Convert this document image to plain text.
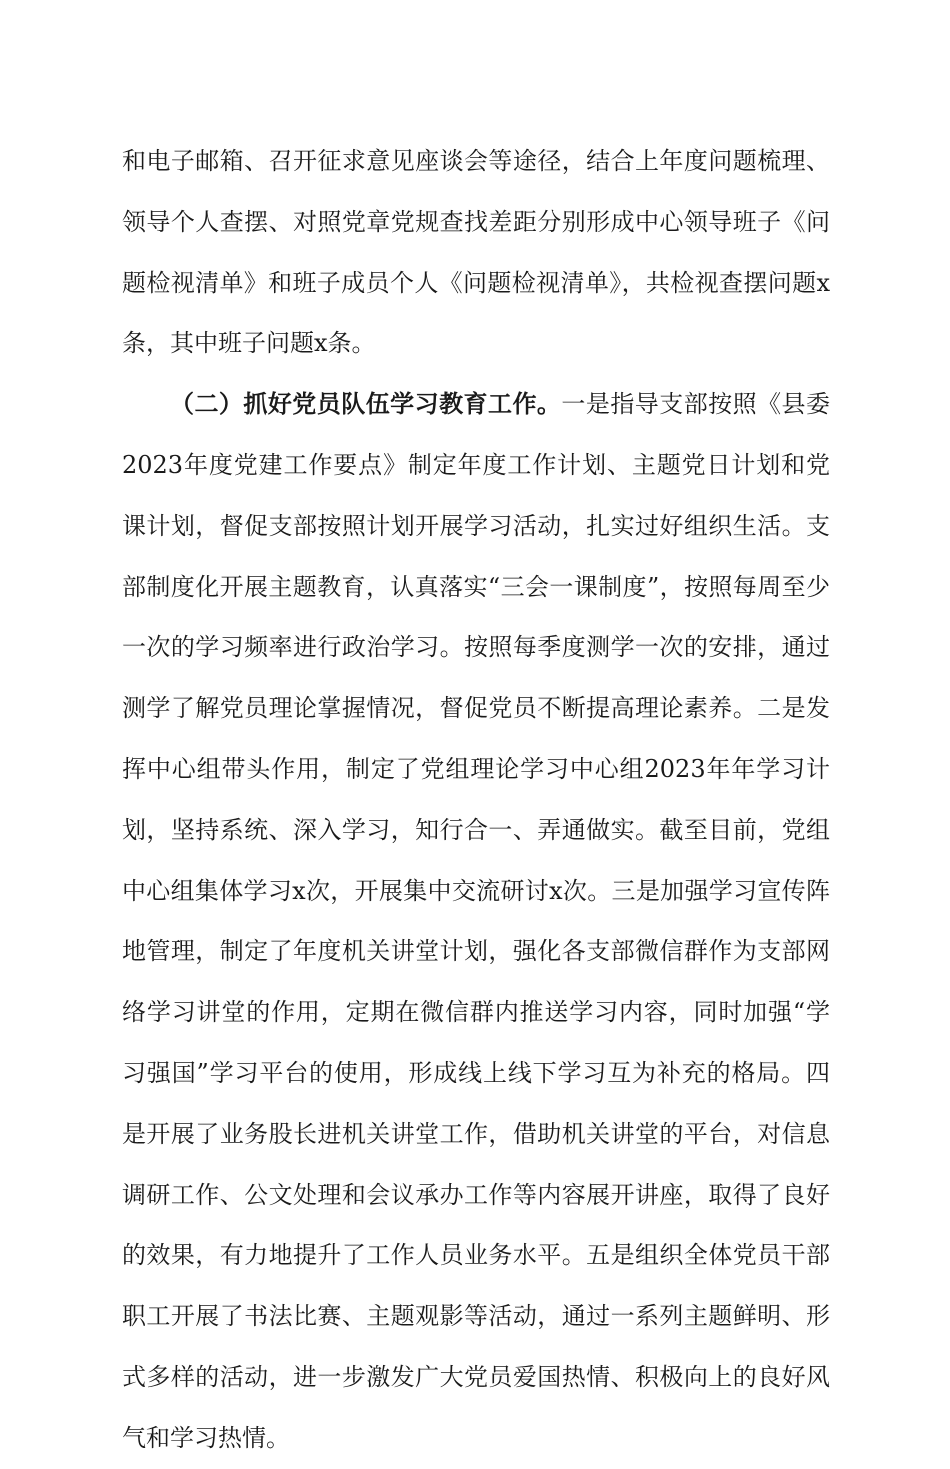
和电子邮箱、召开征求意见座谈会等途径，结合上年度问题梳理、领导个人查摆、对照党章党规查找差距分别形成中心领导班子《问题检视清单》和班子成员个人《问题检视清单》，共检视查摆问题x条，其中班子问题x条。

（二）抓好党员队伍学习教育工作。一是指导支部按照《县委2023年度党建工作要点》制定年度工作计划、主题党日计划和党课计划，督促支部按照计划开展学习活动，扎实过好组织生活。支部制度化开展主题教育，认真落实“三会一课制度”，按照每周至少一次的学习频率进行政治学习。按照每季度测学一次的安排，通过测学了解党员理论掌握情况，督促党员不断提高理论素养。二是发挥中心组带头作用，制定了党组理论学习中心组2023年年学习计划，坚持系统、深入学习，知行合一、弄通做实。截至目前，党组中心组集体学习x次，开展集中交流研讨x次。三是加强学习宣传阵地管理，制定了年度机关讲堂计划，强化各支部微信群作为支部网络学习讲堂的作用，定期在微信群内推送学习内容，同时加强“学习强国”学习平台的使用，形成线上线下学习互为补充的格局。四是开展了业务股长进机关讲堂工作，借助机关讲堂的平台，对信息调研工作、公文处理和会议承办工作等内容展开讲座，取得了良好的效果，有力地提升了工作人员业务水平。五是组织全体党员干部职工开展了书法比赛、主题观影等活动，通过一系列主题鲜明、形式多样的活动，进一步激发广大党员爱国热情、积极向上的良好风气和学习热情。
